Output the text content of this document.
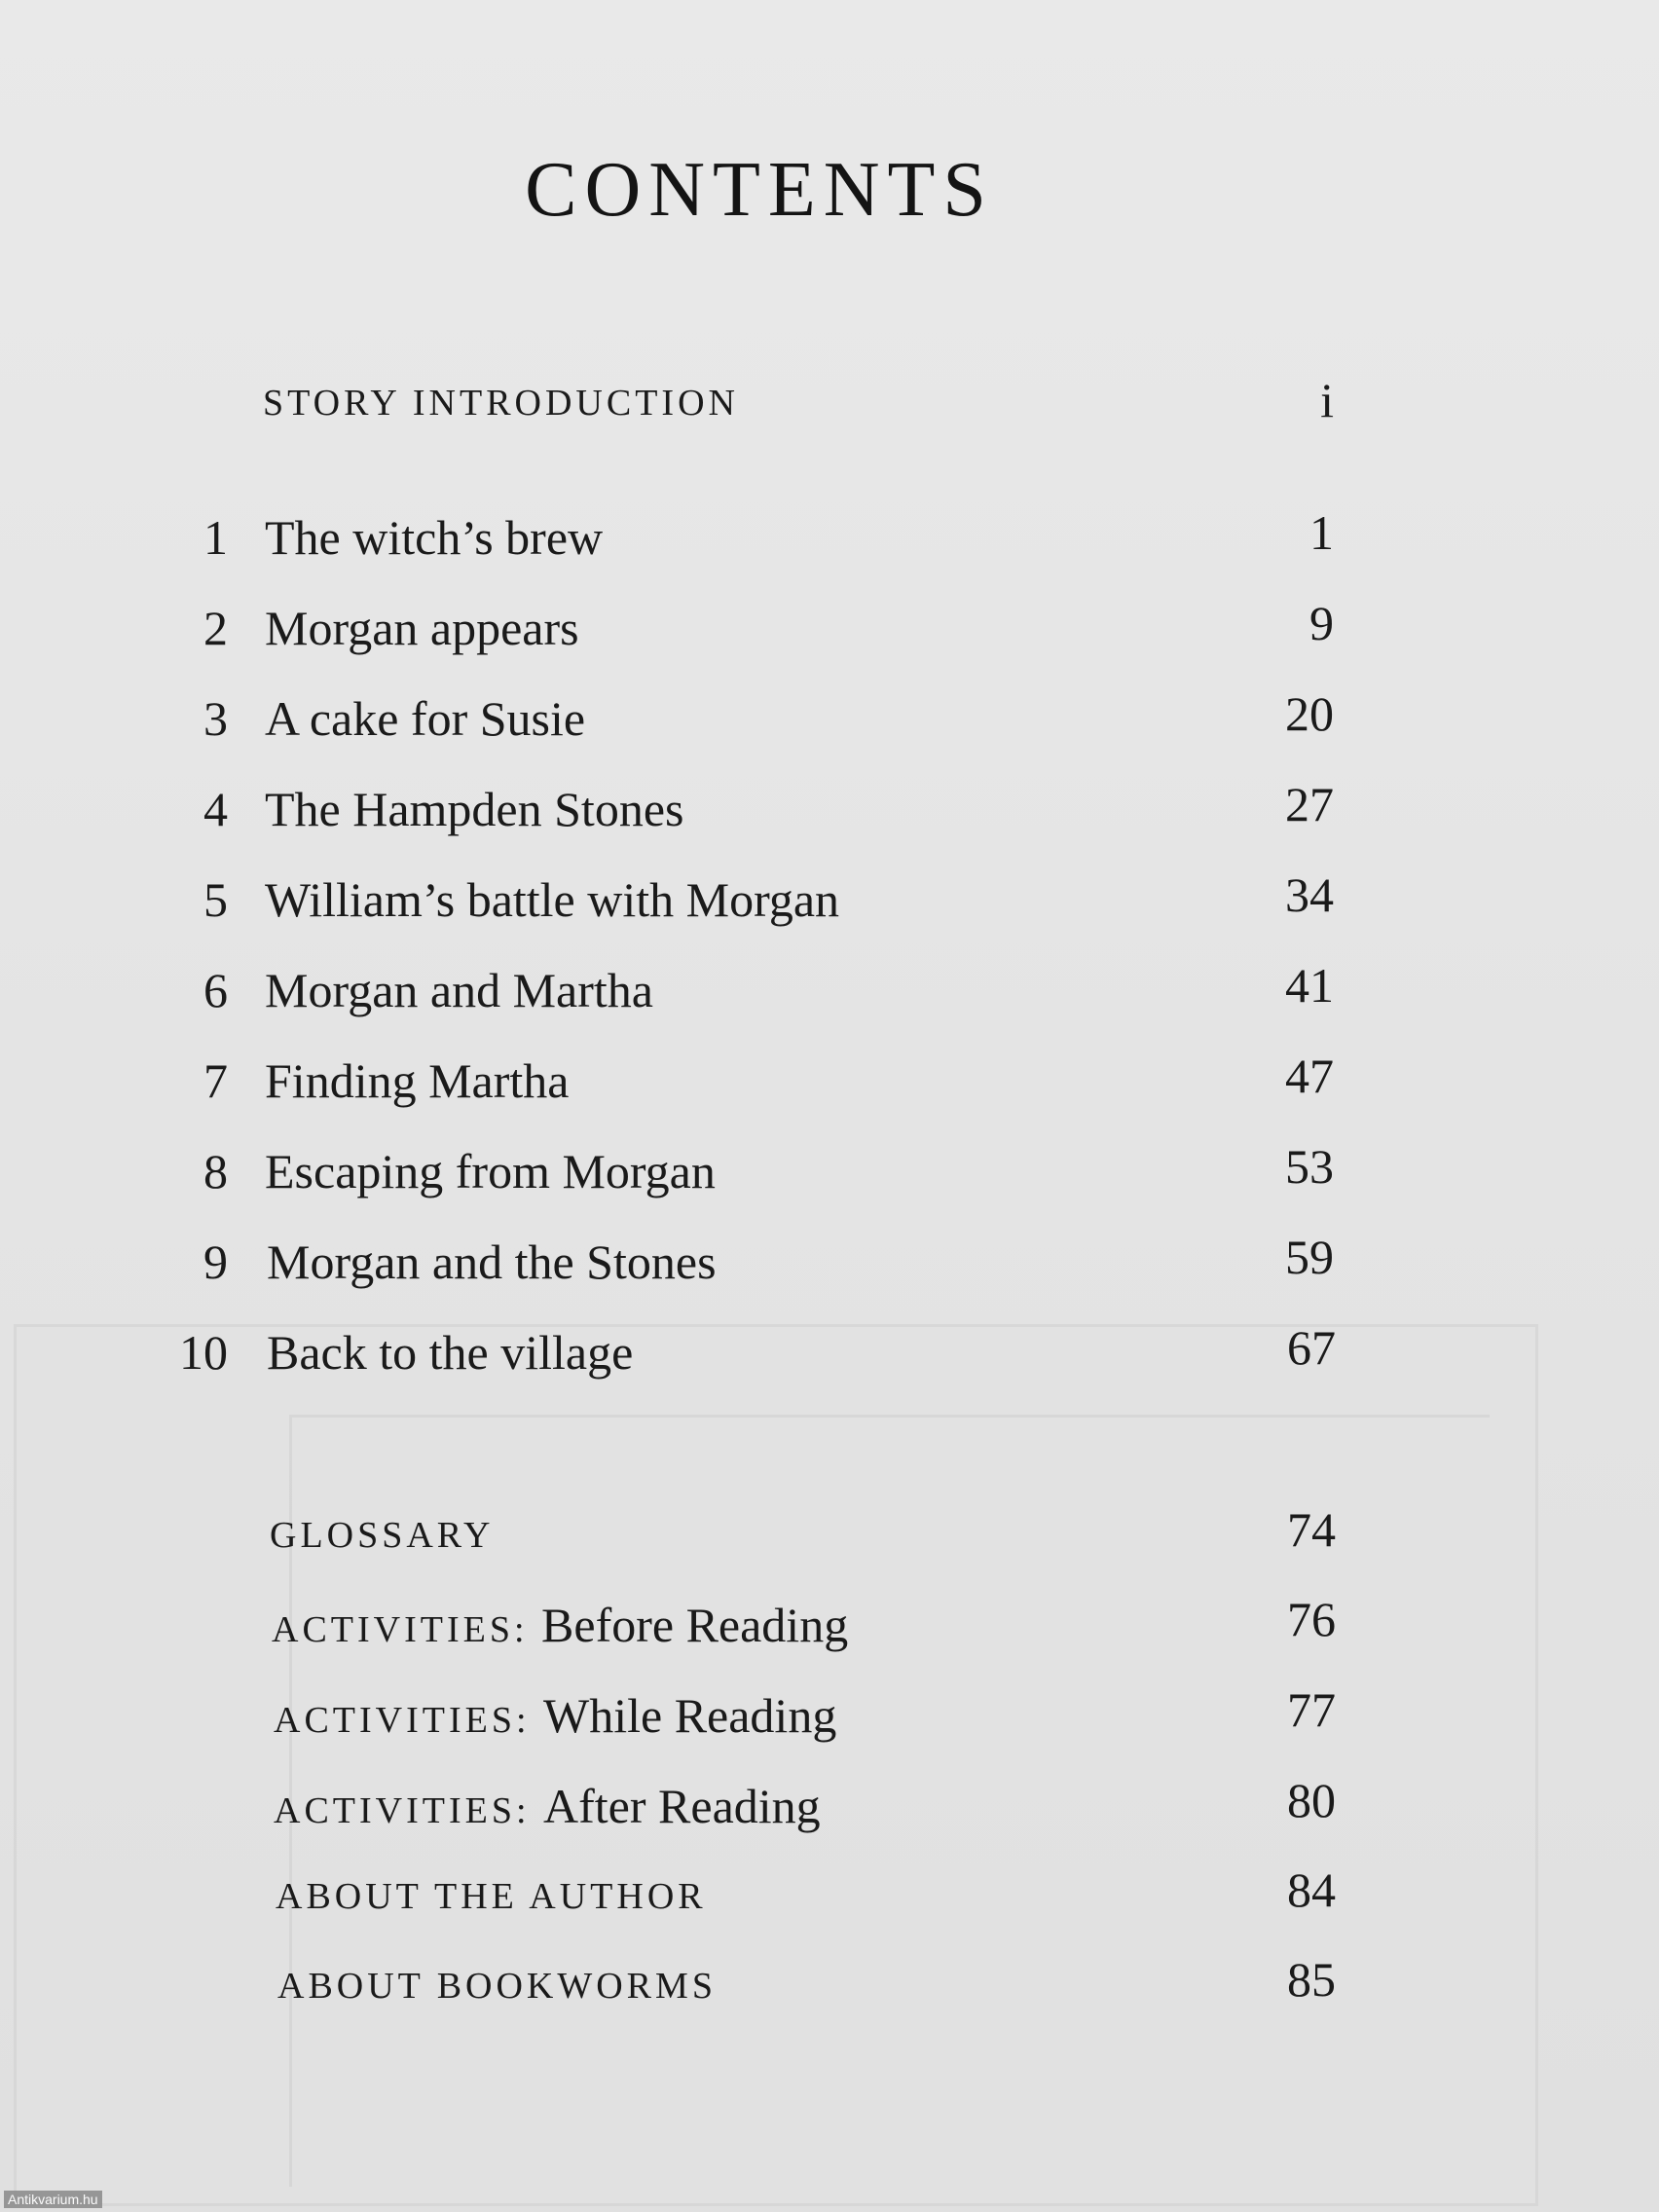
CONTENTS
STORY INTRODUCTION	i
1 The witch’s brew	1
2 Morgan appears	9
3 A cake for Susie	20
4 The Hampden Stones	27
5 William’s battle with Morgan	34
6 Morgan and Martha	41
7 Finding Martha	47
8 Escaping from Morgan	53
9 Morgan and the Stones	59
10 Back to the village	67
GLOSSARY	74
ACTIVITIES: Before Reading	76
ACTIVITIES: While Reading	77
ACTIVITIES: After Reading	80
ABOUT THE AUTHOR	84
ABOUT BOOKWORMS	85
Antikvarium.hu
